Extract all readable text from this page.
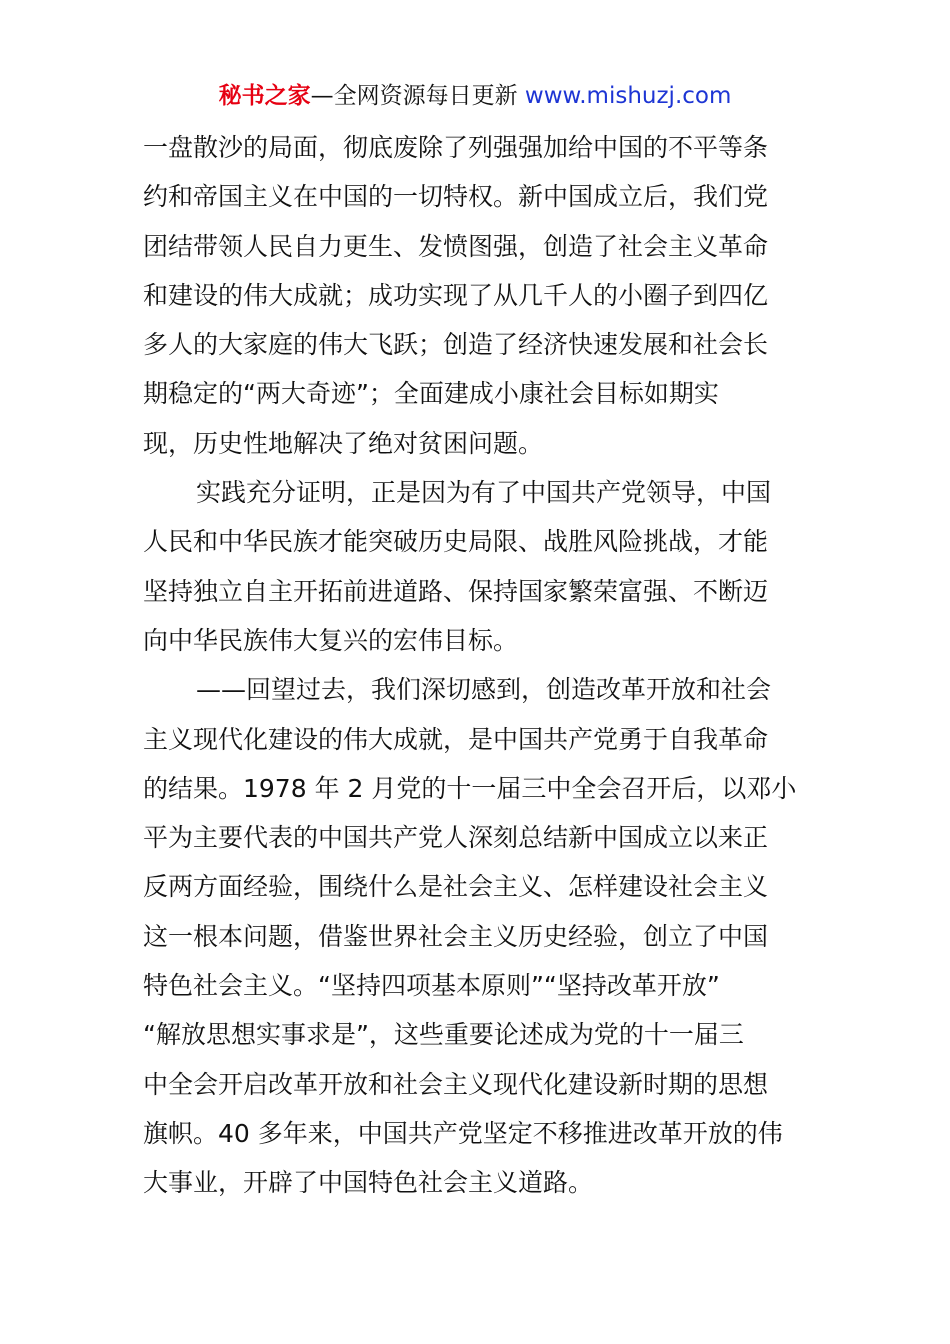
秘书之家—全网资源每日更新 www.mishuzj.com
一盘散沙的局面，彻底废除了列强强加给中国的不平等条
约和帝国主义在中国的一切特权。新中国成立后，我们党
团结带领人民自力更生、发愤图强，创造了社会主义革命
和建设的伟大成就；成功实现了从几千人的小圈子到四亿
多人的大家庭的伟大飞跃；创造了经济快速发展和社会长
期稳定的“两大奇迹”；全面建成小康社会目标如期实
现，历史性地解决了绝对贫困问题。
实践充分证明，正是因为有了中国共产党领导，中国
人民和中华民族才能突破历史局限、战胜风险挑战，才能
坚持独立自主开拓前进道路、保持国家繁荣富强、不断迈
向中华民族伟大复兴的宏伟目标。
——回望过去，我们深切感到，创造改革开放和社会
主义现代化建设的伟大成就，是中国共产党勇于自我革命
的结果。1978 年 2 月党的十一届三中全会召开后，以邓小
平为主要代表的中国共产党人深刻总结新中国成立以来正
反两方面经验，围绕什么是社会主义、怎样建设社会主义
这一根本问题，借鉴世界社会主义历史经验，创立了中国
特色社会主义。“坚持四项基本原则”“坚持改革开放”
“解放思想实事求是”，这些重要论述成为党的十一届三
中全会开启改革开放和社会主义现代化建设新时期的思想
旗帜。40 多年来，中国共产党坚定不移推进改革开放的伟
大事业，开辟了中国特色社会主义道路。
